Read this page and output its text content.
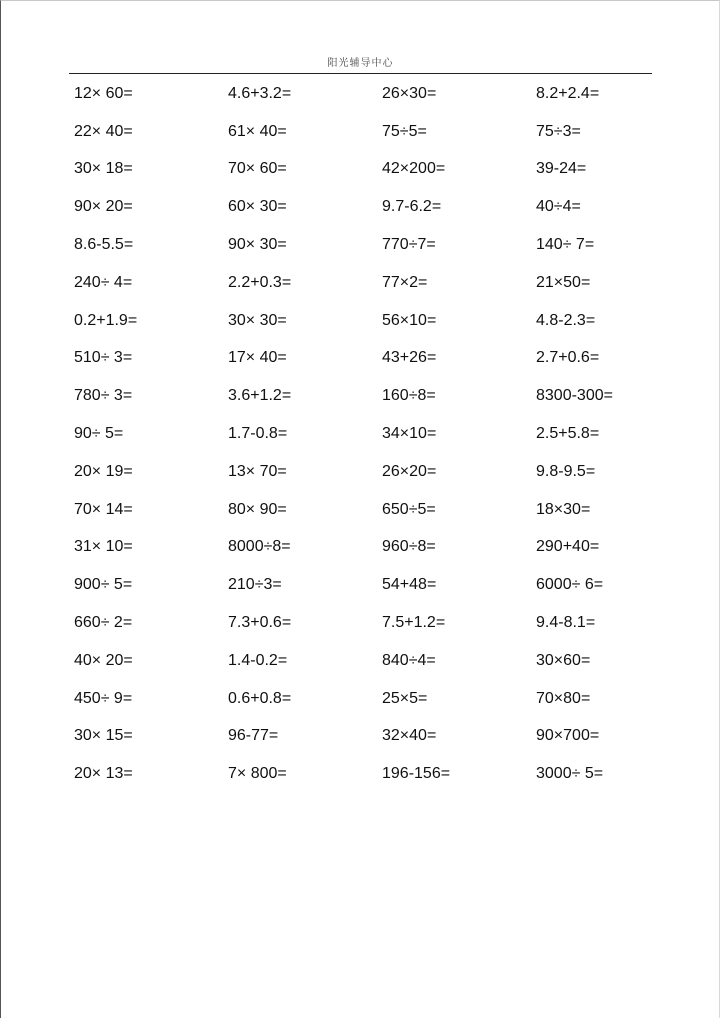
阳光辅导中心
12× 60=	4.6+3.2=	26×30=	8.2+2.4=
22× 40=	61× 40=	75÷5=	75÷3=
30× 18=	70× 60=	42×200=	39-24=
90× 20=	60× 30=	9.7-6.2=	40÷4=
8.6-5.5=	90× 30=	770÷7=	140÷ 7=
240÷ 4=	2.2+0.3=	77×2=	21×50=
0.2+1.9=	30× 30=	56×10=	4.8-2.3=
510÷ 3=	17× 40=	43+26=	2.7+0.6=
780÷ 3=	3.6+1.2=	160÷8=	8300-300=
90÷ 5=	1.7-0.8=	34×10=	2.5+5.8=
20× 19=	13× 70=	26×20=	9.8-9.5=
70× 14=	80× 90=	650÷5=	18×30=
31× 10=	8000÷8=	960÷8=	290+40=
900÷ 5=	210÷3=	54+48=	6000÷ 6=
660÷ 2=	7.3+0.6=	7.5+1.2=	9.4-8.1=
40× 20=	1.4-0.2=	840÷4=	30×60=
450÷ 9=	0.6+0.8=	25×5=	70×80=
30× 15=	96-77=	32×40=	90×700=
20× 13=	7× 800=	196-156=	3000÷ 5=
